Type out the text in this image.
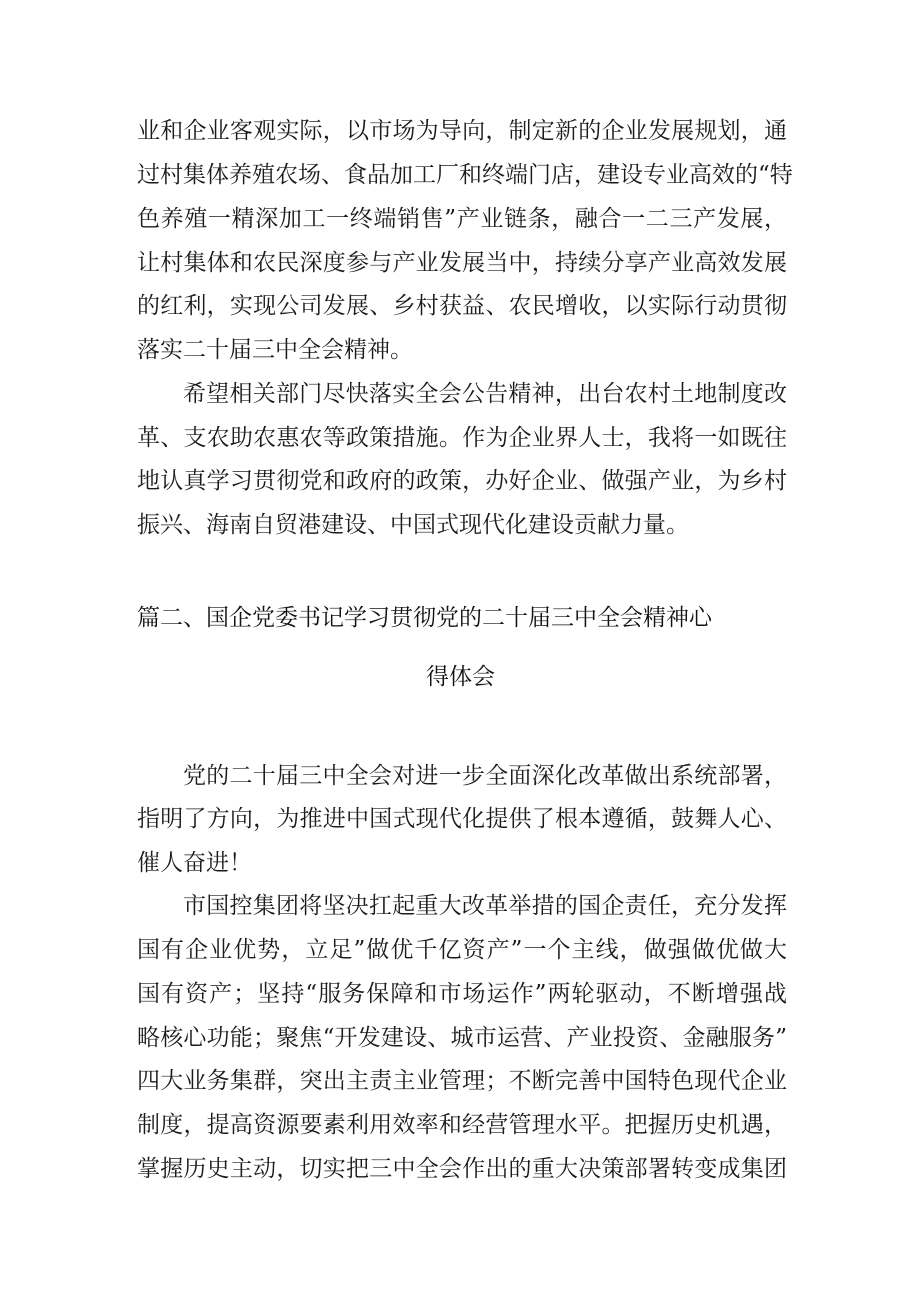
业和企业客观实际，以市场为导向，制定新的企业发展规划，通
过村集体养殖农场、食品加工厂和终端门店，建设专业高效的“特
色养殖一精深加工一终端销售”产业链条，融合一二三产发展，
让村集体和农民深度参与产业发展当中，持续分享产业高效发展
的红利，实现公司发展、乡村获益、农民增收，以实际行动贯彻
落实二十届三中全会精神。
希望相关部门尽快落实全会公告精神，出台农村土地制度改
革、支农助农惠农等政策措施。作为企业界人士，我将一如既往
地认真学习贯彻党和政府的政策，办好企业、做强产业，为乡村
振兴、海南自贸港建设、中国式现代化建设贡献力量。
篇二、国企党委书记学习贯彻党的二十届三中全会精神心
得体会
党的二十届三中全会对进一步全面深化改革做出系统部署，
指明了方向，为推进中国式现代化提供了根本遵循，鼓舞人心、
催人奋进！
市国控集团将坚决扛起重大改革举措的国企责任，充分发挥
国有企业优势，立足”做优千亿资产”一个主线，做强做优做大
国有资产；坚持“服务保障和市场运作”两轮驱动，不断增强战
略核心功能；聚焦“开发建设、城市运营、产业投资、金融服务”
四大业务集群，突出主责主业管理；不断完善中国特色现代企业
制度，提高资源要素利用效率和经营管理水平。把握历史机遇，
掌握历史主动，切实把三中全会作出的重大决策部署转变成集团
